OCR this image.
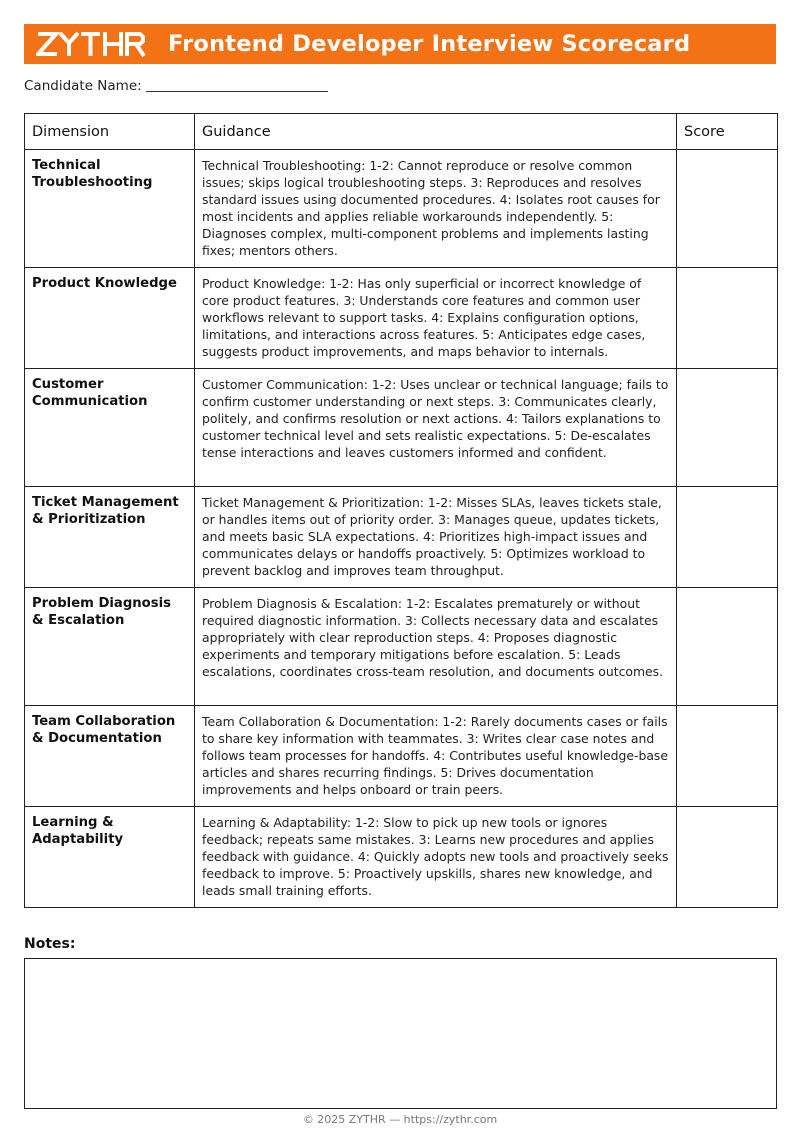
Frontend Developer Interview Scorecard
Candidate Name:
Dimension	Guidance	Score
Technical Troubleshooting	Technical Troubleshooting: 1-2: Cannot reproduce or resolve common issues; skips logical troubleshooting steps. 3: Reproduces and resolves standard issues using documented procedures. 4: Isolates root causes for most incidents and applies reliable workarounds independently. 5: Diagnoses complex, multi-component problems and implements lasting fixes; mentors others.	
Product Knowledge	Product Knowledge: 1-2: Has only superficial or incorrect knowledge of core product features. 3: Understands core features and common user workflows relevant to support tasks. 4: Explains configuration options, limitations, and interactions across features. 5: Anticipates edge cases, suggests product improvements, and maps behavior to internals.	
Customer Communication	Customer Communication: 1-2: Uses unclear or technical language; fails to confirm customer understanding or next steps. 3: Communicates clearly, politely, and confirms resolution or next actions. 4: Tailors explanations to customer technical level and sets realistic expectations. 5: De-escalates tense interactions and leaves customers informed and confident.	
Ticket Management & Prioritization	Ticket Management & Prioritization: 1-2: Misses SLAs, leaves tickets stale, or handles items out of priority order. 3: Manages queue, updates tickets, and meets basic SLA expectations. 4: Prioritizes high-impact issues and communicates delays or handoffs proactively. 5: Optimizes workload to prevent backlog and improves team throughput.	
Problem Diagnosis & Escalation	Problem Diagnosis & Escalation: 1-2: Escalates prematurely or without required diagnostic information. 3: Collects necessary data and escalates appropriately with clear reproduction steps. 4: Proposes diagnostic experiments and temporary mitigations before escalation. 5: Leads escalations, coordinates cross-team resolution, and documents outcomes.	
Team Collaboration & Documentation	Team Collaboration & Documentation: 1-2: Rarely documents cases or fails to share key information with teammates. 3: Writes clear case notes and follows team processes for handoffs. 4: Contributes useful knowledge-base articles and shares recurring findings. 5: Drives documentation improvements and helps onboard or train peers.	
Learning & Adaptability	Learning & Adaptability: 1-2: Slow to pick up new tools or ignores feedback; repeats same mistakes. 3: Learns new procedures and applies feedback with guidance. 4: Quickly adopts new tools and proactively seeks feedback to improve. 5: Proactively upskills, shares new knowledge, and leads small training efforts.	
Notes:
© 2025 ZYTHR — https://zythr.com
